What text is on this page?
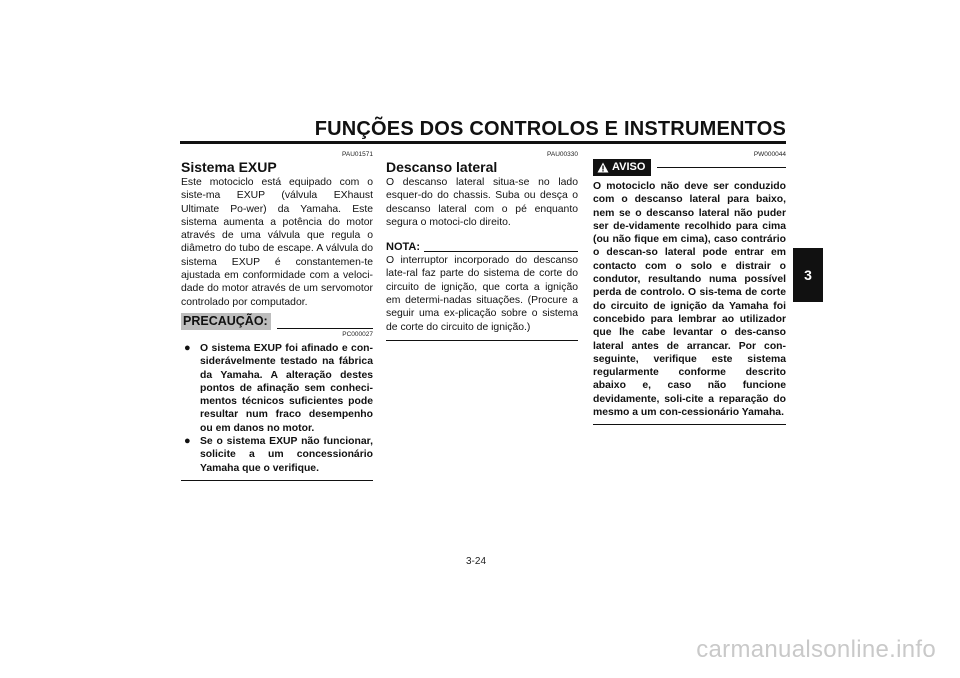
FUNÇÕES DOS CONTROLOS E INSTRUMENTOS
3
PAU01571
Sistema EXUP

Este motociclo está equipado com o siste-ma EXUP (válvula EXhaust Ultimate Po-wer) da Yamaha. Este sistema aumenta a potência do motor através de uma válvula que regula o diâmetro do tubo de escape. A válvula do sistema EXUP é constantemen-te ajustada em conformidade com a veloci-dade do motor através de um servomotor controlado por computador.

PRECAUÇÃO:
PC000027
● O sistema EXUP foi afinado e con-siderávelmente testado na fábrica da Yamaha. A alteração destes pontos de afinação sem conheci-mentos técnicos suficientes pode resultar num fraco desempenho ou em danos no motor.
● Se o sistema EXUP não funcionar, solicite a um concessionário Yamaha que o verifique.
PAU00330
Descanso lateral

O descanso lateral situa-se no lado esquer-do do chassis. Suba ou desça o descanso lateral com o pé enquanto segura o motoci-clo direito.

NOTA:

O interruptor incorporado do descanso late-ral faz parte do sistema de corte do circuito de ignição, que corta a ignição em determi-nadas situações. (Procure a seguir uma ex-plicação sobre o sistema de corte do circuito de ignição.)

PW000044
AVISO

O motociclo não deve ser conduzido com o descanso lateral para baixo, nem se o descanso lateral não puder ser de-vidamente recolhido para cima (ou não fique em cima), caso contrário o descan-so lateral pode entrar em contacto com o solo e distrair o condutor, resultando numa possível perda de controlo. O sis-tema de corte do circuito de ignição da Yamaha foi concebido para lembrar ao utilizador que lhe cabe levantar o des-canso lateral antes de arrancar. Por con-seguinte, verifique este sistema regularmente conforme descrito abaixo e, caso não funcione devidamente, soli-cite a reparação do mesmo a um con-cessionário Yamaha.

3-24
carmanualsonline.info
